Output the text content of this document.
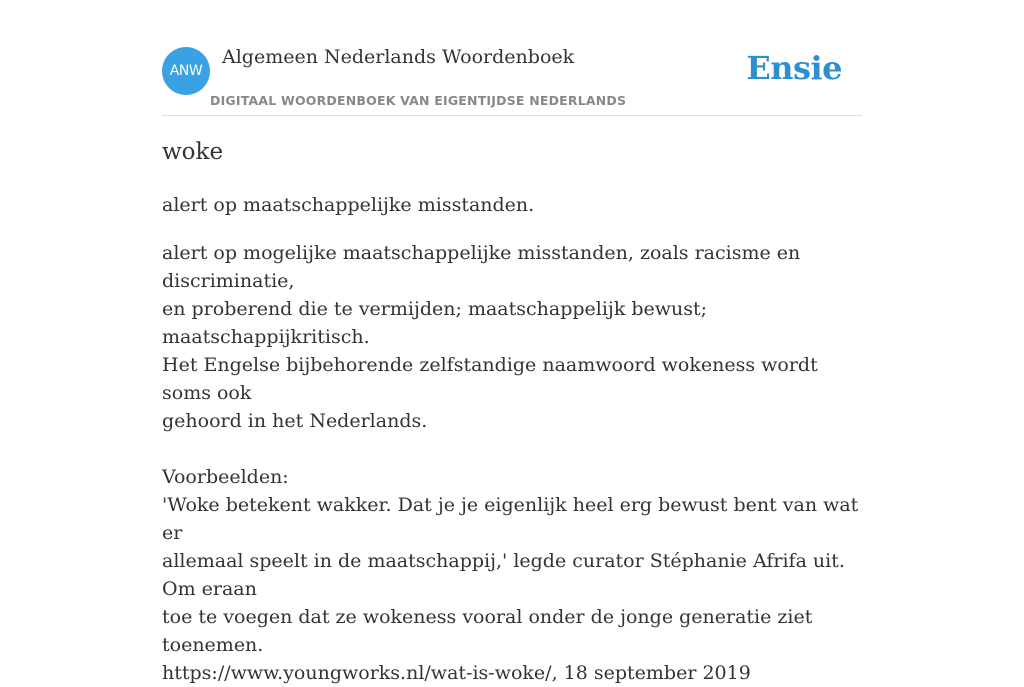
ANW
Algemeen Nederlands Woordenboek
DIGITAAL WOORDENBOEK VAN EIGENTIJDSE NEDERLANDS
Ensie
woke
alert op maatschappelijke misstanden.

alert op mogelijke maatschappelijke misstanden, zoals racisme en discriminatie,

en proberend die te vermijden; maatschappelijk bewust; maatschappijkritisch.

Het Engelse bijbehorende zelfstandige naamwoord wokeness wordt soms ook

gehoord in het Nederlands.

Voorbeelden:

'Woke betekent wakker. Dat je je eigenlijk heel erg bewust bent van wat er

allemaal speelt in de maatschappij,' legde curator Stéphanie Afrifa uit. Om eraan

toe te voegen dat ze wokeness vooral onder de jonge generatie ziet toenemen.

https://www.youngworks.nl/wat-is-woke/, 18 september 2019
